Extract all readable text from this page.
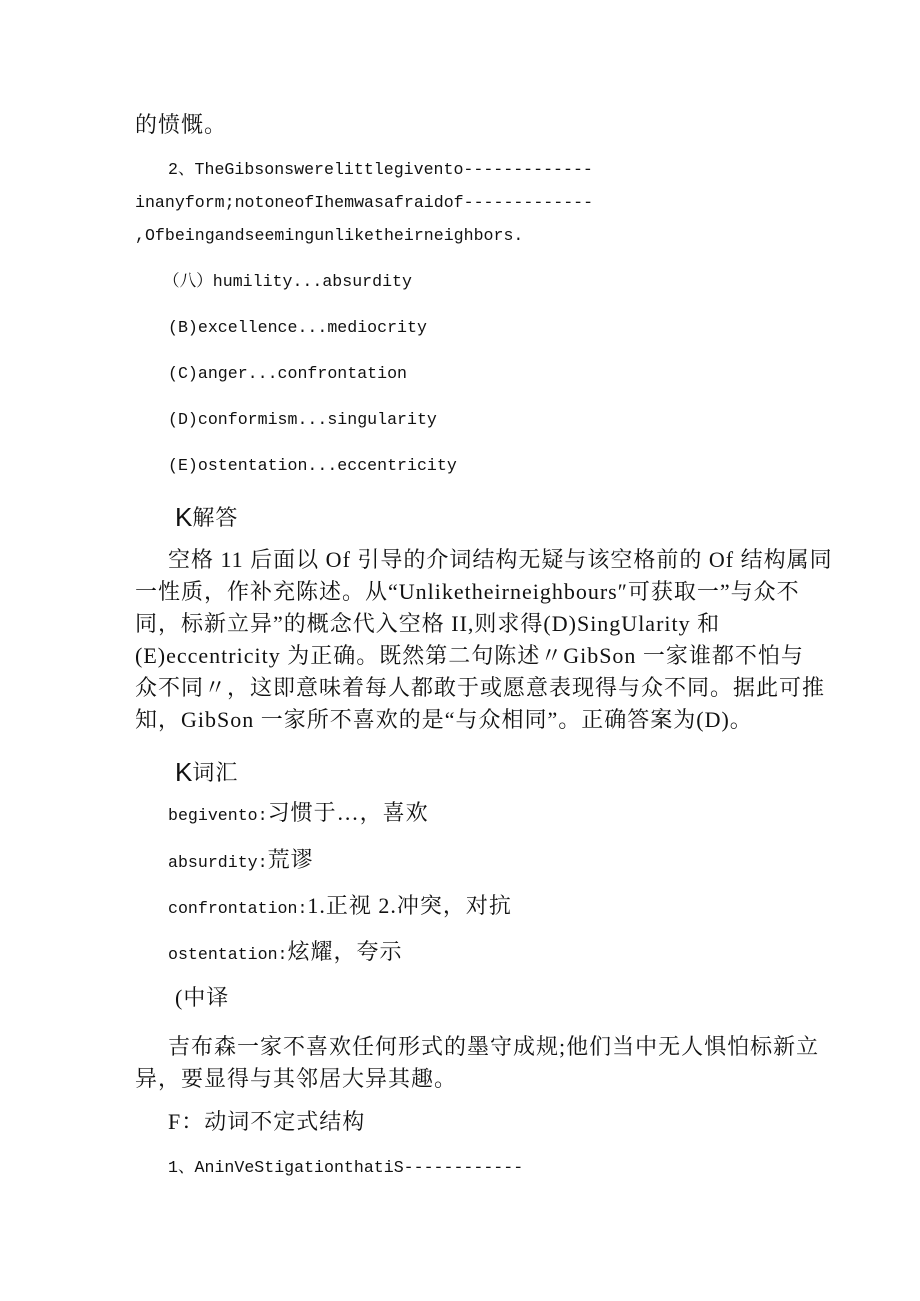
的愤慨。
2、TheGibsonswerelittlegivento-------------
inanyform;notoneofIhemwasafraidof-------------
,Ofbeingandseemingunliketheirneighbors.
（八）humility...absurdity
(B)excellence...mediocrity
(C)anger...confrontation
(D)conformism...singularity
(E)ostentation...eccentricity
K解答
空格 11 后面以 Of 引导的介词结构无疑与该空格前的 Of 结构属同
一性质，作补充陈述。从“Unliketheirneighbours″可获取一”与众不
同，标新立异”的概念代入空格 II,则求得(D)SingUlarity 和
(E)eccentricity 为正确。既然第二句陈述〃GibSon 一家谁都不怕与
众不同〃，这即意味着每人都敢于或愿意表现得与众不同。据此可推
知，GibSon 一家所不喜欢的是“与众相同”。正确答案为(D)。
K词汇
begivento:习惯于…，喜欢
absurdity:荒谬
confrontation:1.正视 2.冲突，对抗
ostentation:炫耀，夸示
(中译
吉布森一家不喜欢任何形式的墨守成规;他们当中无人惧怕标新立
异，要显得与其邻居大异其趣。
F：动词不定式结构
1、AninVeStigationthatiS------------
